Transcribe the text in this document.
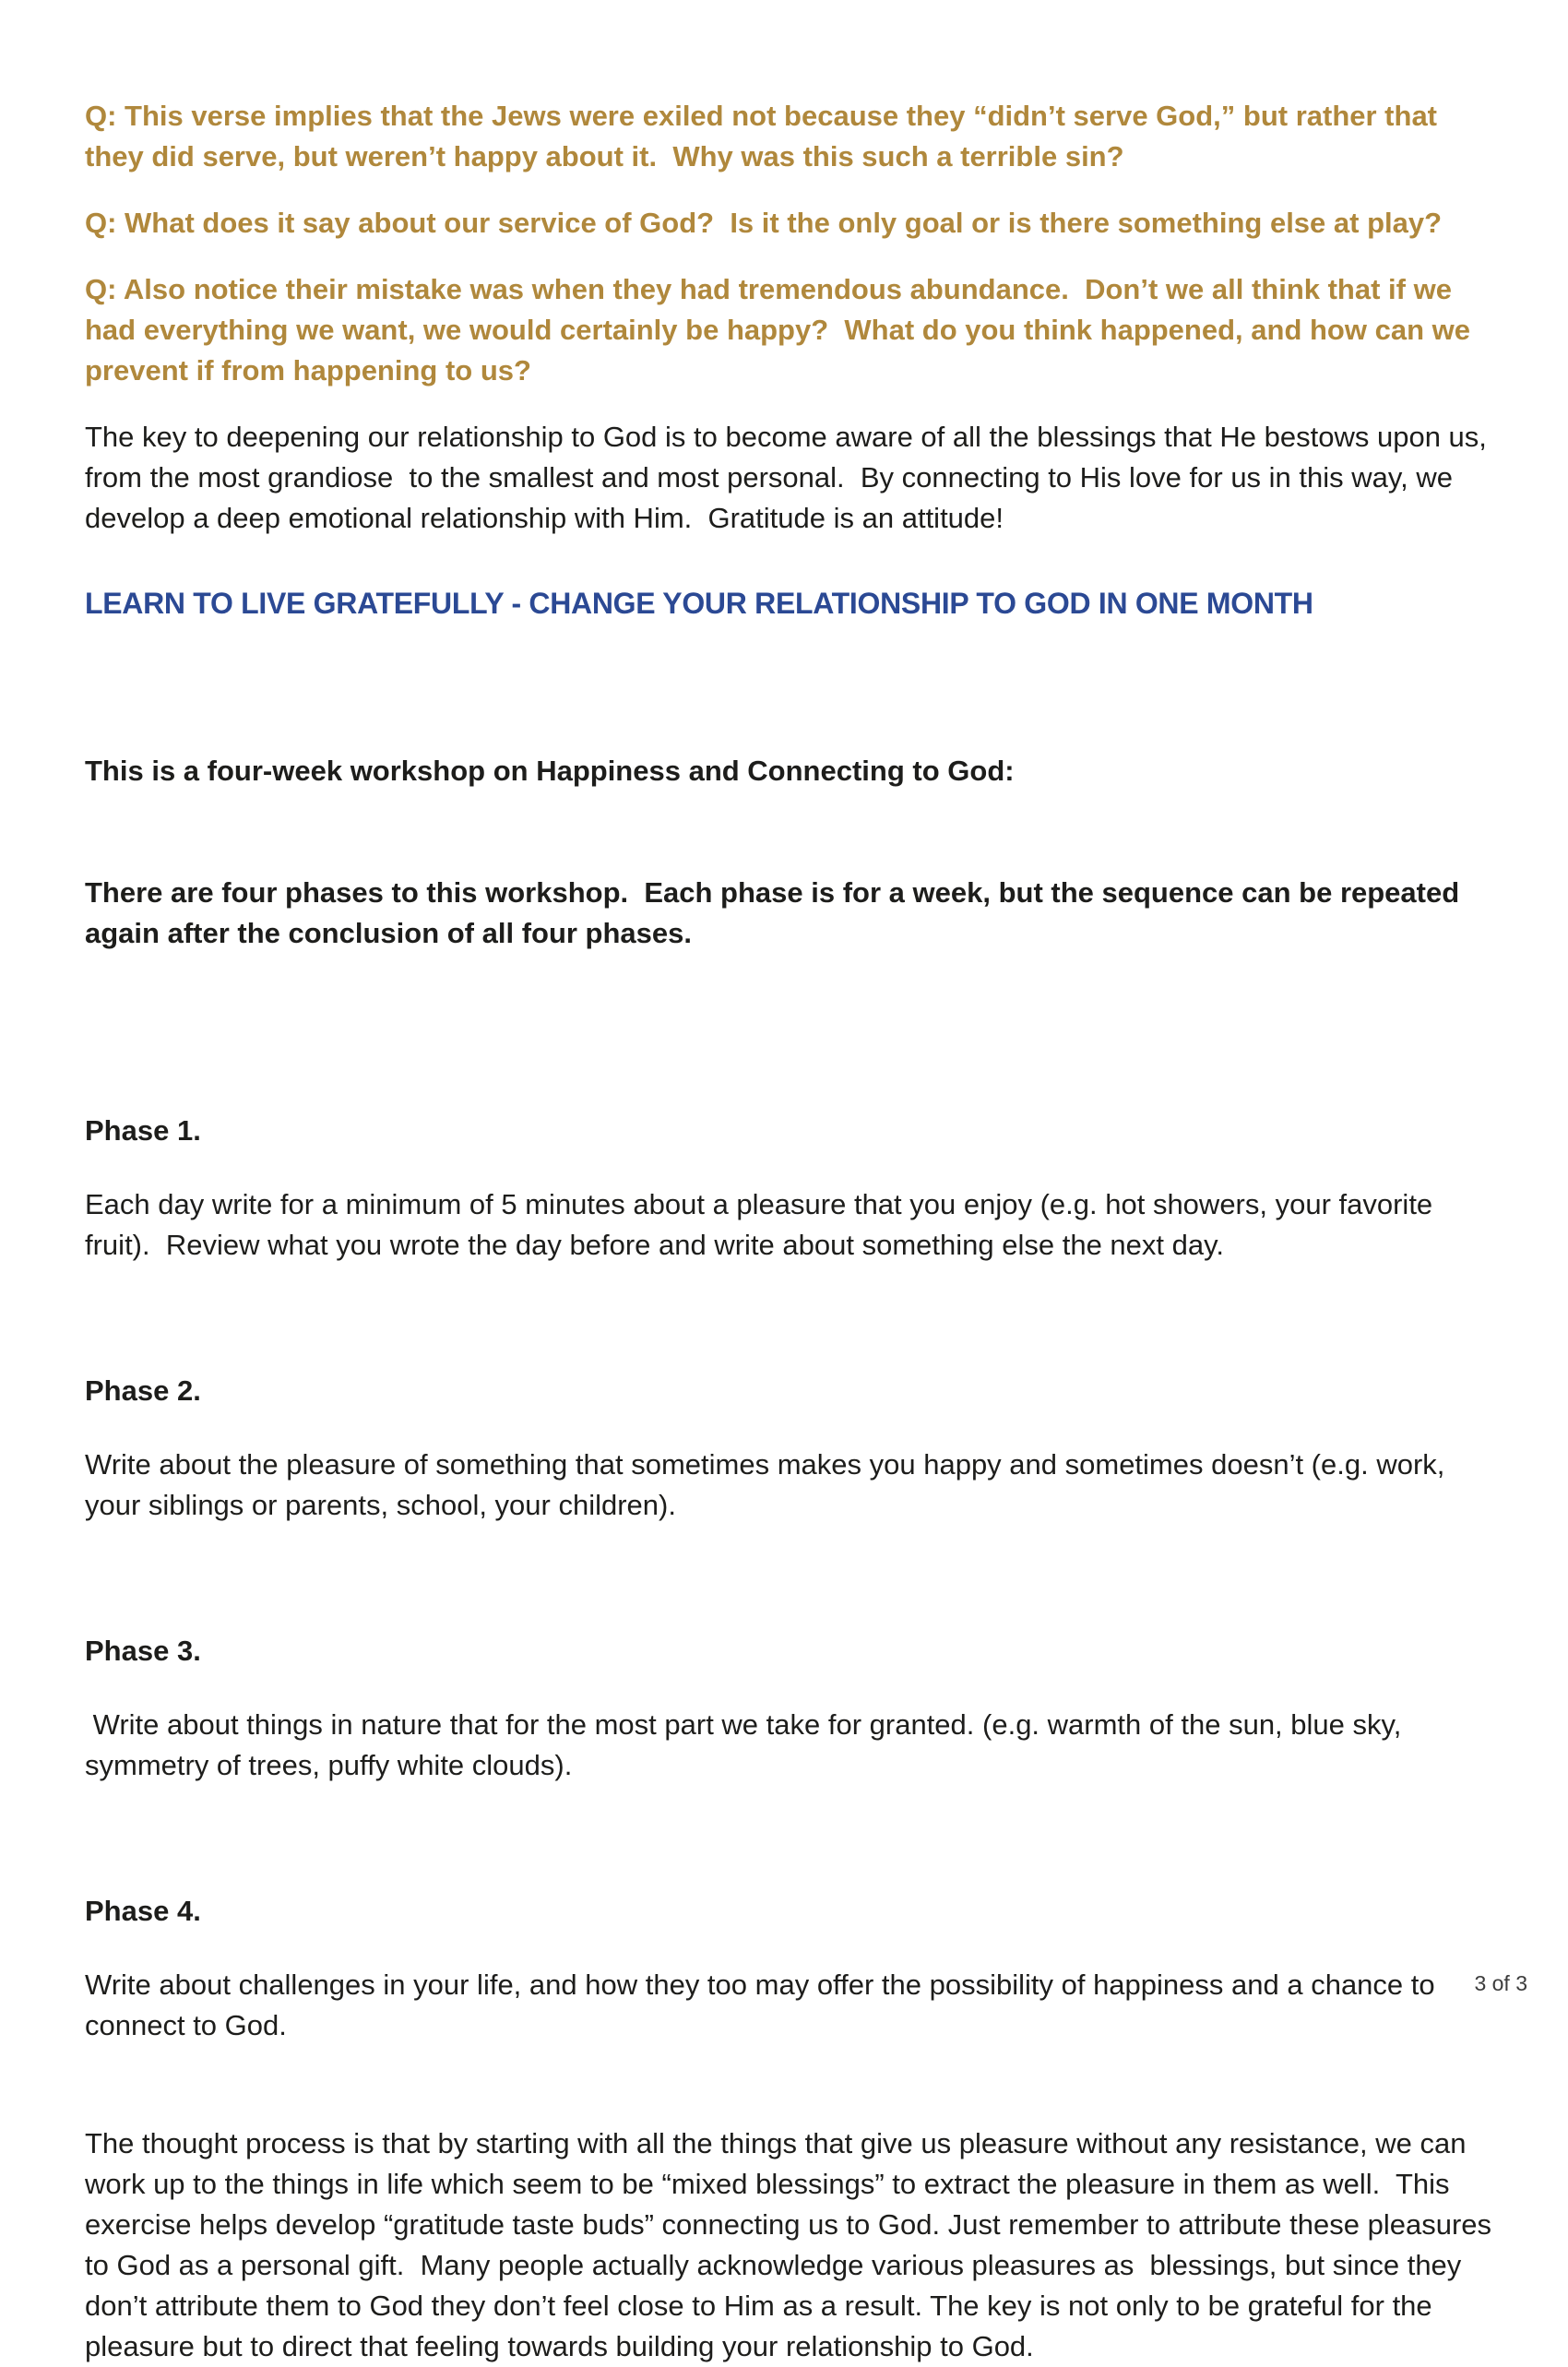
Q: This verse implies that the Jews were exiled not because they “didn’t serve God,” but rather that they did serve, but weren’t happy about it.  Why was this such a terrible sin?

Q: What does it say about our service of God?  Is it the only goal or is there something else at play?

Q: Also notice their mistake was when they had tremendous abundance.  Don’t we all think that if we had everything we want, we would certainly be happy?  What do you think happened, and how can we prevent if from happening to us?

The key to deepening our relationship to God is to become aware of all the blessings that He bestows upon us, from the most grandiose  to the smallest and most personal.  By connecting to His love for us in this way, we develop a deep emotional relationship with Him.  Gratitude is an attitude!

LEARN TO LIVE GRATEFULLY - CHANGE YOUR RELATIONSHIP TO GOD IN ONE MONTH

This is a four-week workshop on Happiness and Connecting to God:

There are four phases to this workshop.  Each phase is for a week, but the sequence can be repeated again after the conclusion of all four phases.

Phase 1.

Each day write for a minimum of 5 minutes about a pleasure that you enjoy (e.g. hot showers, your favorite fruit).  Review what you wrote the day before and write about something else the next day.

Phase 2.

Write about the pleasure of something that sometimes makes you happy and sometimes doesn’t (e.g. work, your siblings or parents, school, your children).

Phase 3.

Write about things in nature that for the most part we take for granted. (e.g. warmth of the sun, blue sky, symmetry of trees, puffy white clouds).

Phase 4.

Write about challenges in your life, and how they too may offer the possibility of happiness and a chance to connect to God.

The thought process is that by starting with all the things that give us pleasure without any resistance, we can work up to the things in life which seem to be “mixed blessings” to extract the pleasure in them as well.  This exercise helps develop “gratitude taste buds” connecting us to God. Just remember to attribute these pleasures to God as a personal gift.  Many people actually acknowledge various pleasures as  blessings, but since they don’t attribute them to God they don’t feel close to Him as a result. The key is not only to be grateful for the pleasure but to direct that feeling towards building your relationship to God.

3 of 3
